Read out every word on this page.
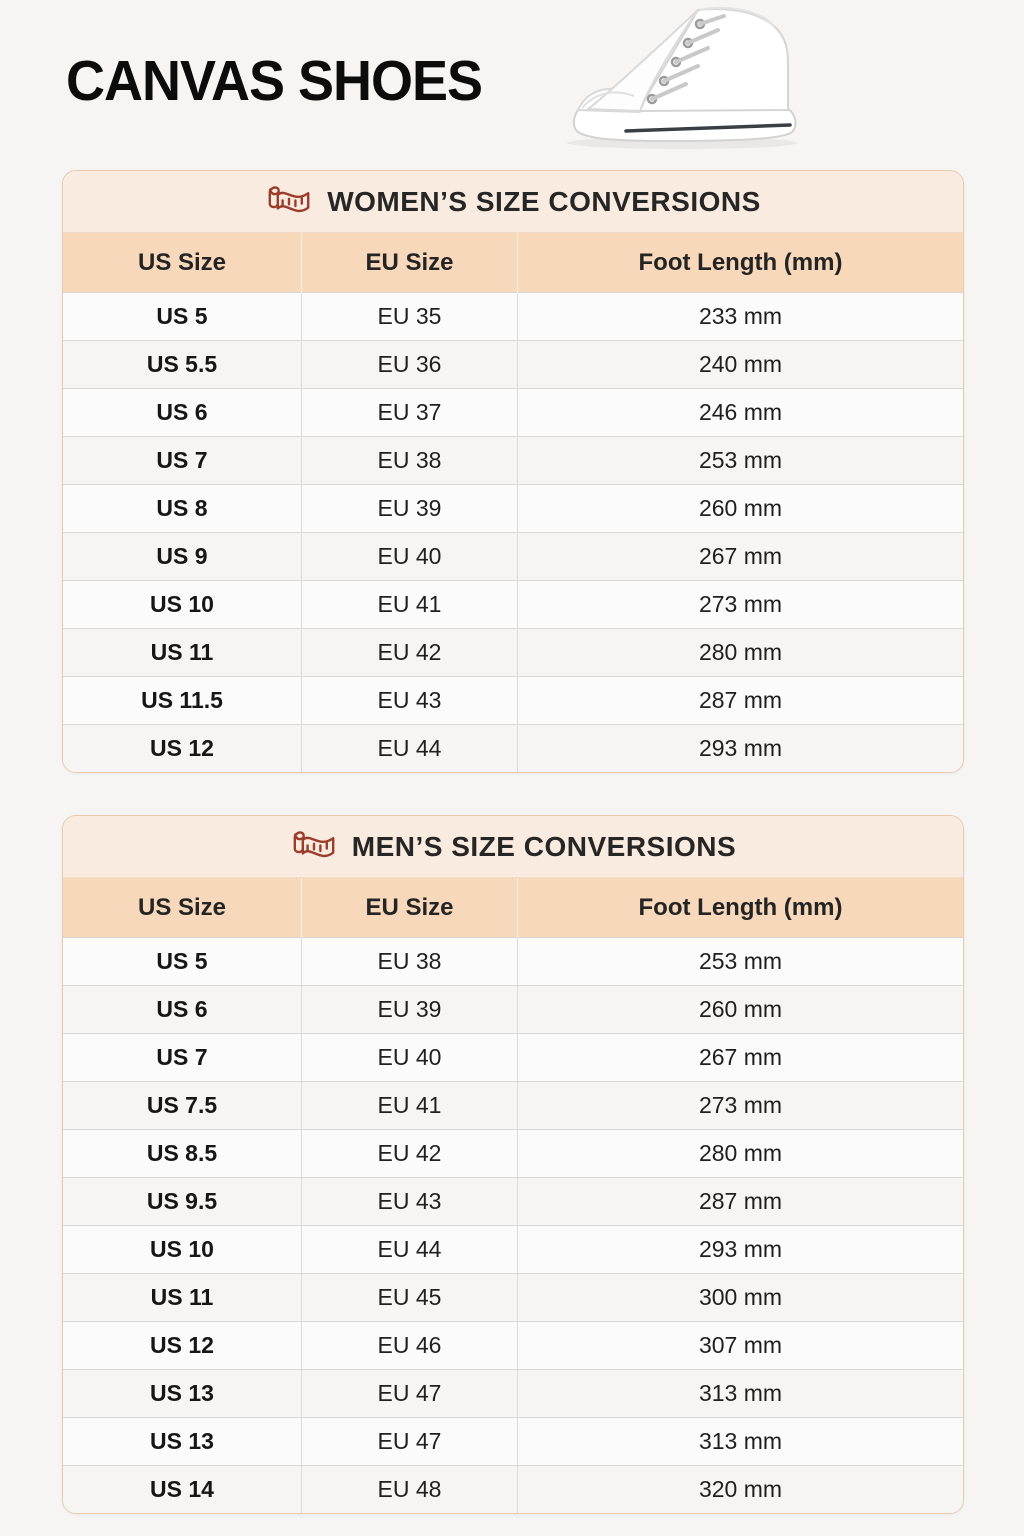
CANVAS SHOES
WOMEN’S SIZE CONVERSIONS
US Size	EU Size	Foot Length (mm)
US 5	EU 35	233 mm
US 5.5	EU 36	240 mm
US 6	EU 37	246 mm
US 7	EU 38	253 mm
US 8	EU 39	260 mm
US 9	EU 40	267 mm
US 10	EU 41	273 mm
US 11	EU 42	280 mm
US 11.5	EU 43	287 mm
US 12	EU 44	293 mm
MEN’S SIZE CONVERSIONS
US Size	EU Size	Foot Length (mm)
US 5	EU 38	253 mm
US 6	EU 39	260 mm
US 7	EU 40	267 mm
US 7.5	EU 41	273 mm
US 8.5	EU 42	280 mm
US 9.5	EU 43	287 mm
US 10	EU 44	293 mm
US 11	EU 45	300 mm
US 12	EU 46	307 mm
US 13	EU 47	313 mm
US 13	EU 47	313 mm
US 14	EU 48	320 mm
